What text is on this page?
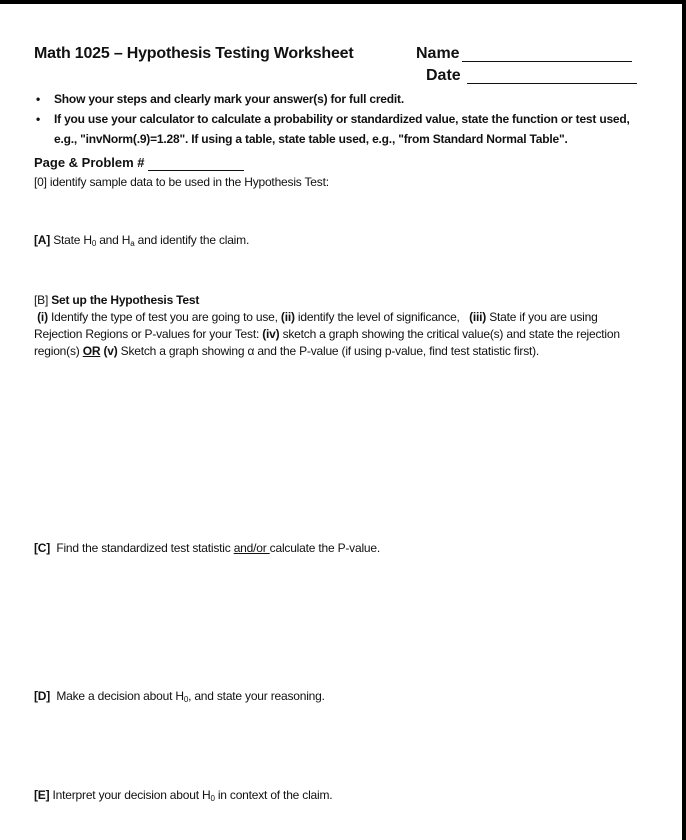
Math 1025 – Hypothesis Testing Worksheet	Name
Date
• Show your steps and clearly mark your answer(s) for full credit.
• If you use your calculator to calculate a probability or standardized value, state the function or test used, e.g., "invNorm(.9)=1.28". If using a table, state table used, e.g., "from Standard Normal Table".
Page & Problem #
[0] identify sample data to be used in the Hypothesis Test:
[A] State $H_0$ and $H_a$ and identify the claim.
[B] Set up the Hypothesis Test
(i) Identify the type of test you are going to use, (ii) identify the level of significance,   (iii) State if you are using Rejection Regions or P-values for your Test: (iv) sketch a graph showing the critical value(s) and state the rejection region(s) OR (v) Sketch a graph showing α and the P-value (if using p-value, find test statistic first).
[C]  Find the standardized test statistic and/or calculate the P-value.
[D]  Make a decision about $H_0$, and state your reasoning.
[E] Interpret your decision about $H_0$ in context of the claim.
